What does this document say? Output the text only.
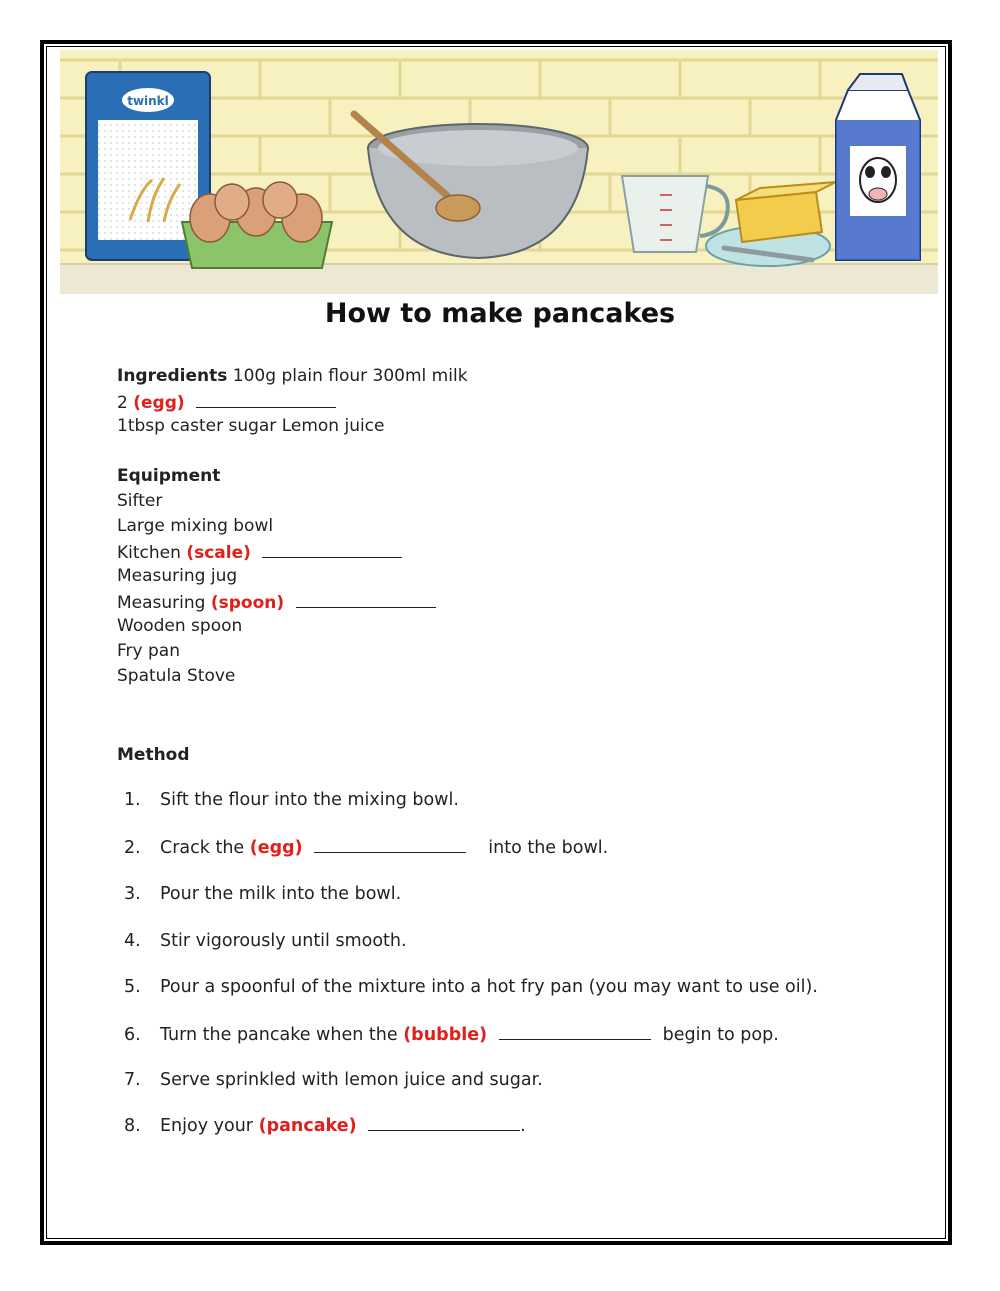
twinkl
How to make pancakes
Ingredients 100g plain flour 300ml milk
2 (egg)
1tbsp caster sugar Lemon juice
Equipment
Sifter
Large mixing bowl
Kitchen (scale)
Measuring jug
Measuring (spoon)
Wooden spoon
Fry pan
Spatula Stove
Method
1. Sift the flour into the mixing bowl.
2. Crack the (egg)	into the bowl.
3. Pour the milk into the bowl.
4. Stir vigorously until smooth.
5. Pour a spoonful of the mixture into a hot fry pan (you may want to use oil).
6. Turn the pancake when the (bubble)	begin to pop.
7. Serve sprinkled with lemon juice and sugar.
8. Enjoy your (pancake)	.
